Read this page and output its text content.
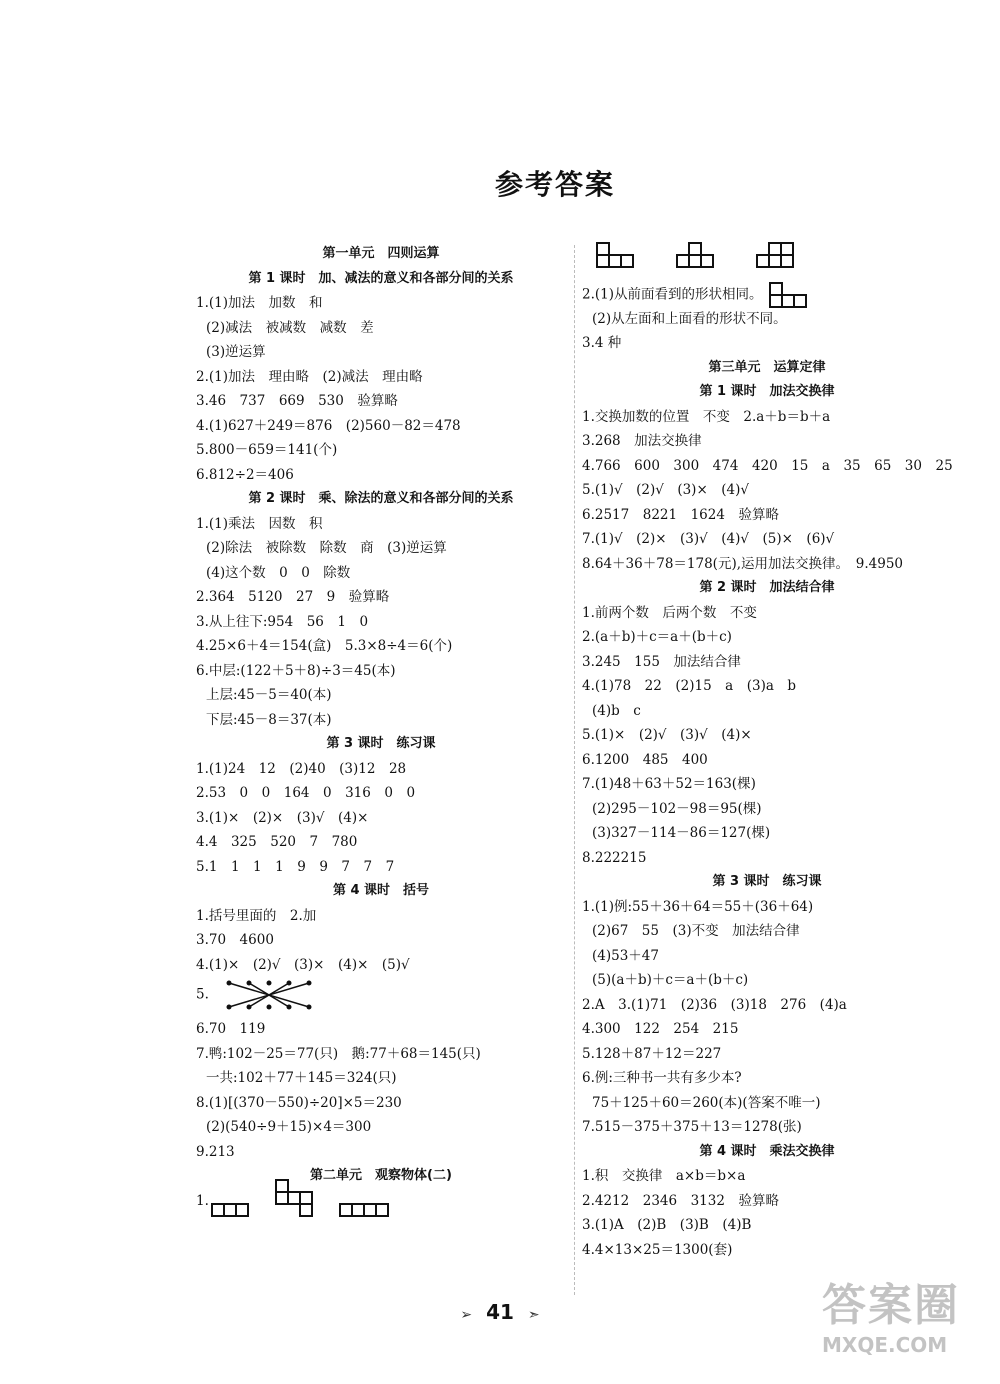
参考答案
第一单元　四则运算
第 1 课时　加、减法的意义和各部分间的关系
1.(1)加法　加数　和
(2)减法　被减数　减数　差
(3)逆运算
2.(1)加法　理由略　(2)减法　理由略
3.46　737　669　530　验算略
4.(1)627＋249＝876　(2)560－82＝478
5.800－659＝141(个)
6.812÷2＝406
第 2 课时　乘、除法的意义和各部分间的关系
1.(1)乘法　因数　积
(2)除法　被除数　除数　商　(3)逆运算
(4)这个数　0　0　除数
2.364　5120　27　9　验算略
3.从上往下:954　56　1　0
4.25×6＋4＝154(盒)　5.3×8÷4＝6(个)
6.中层:(122＋5＋8)÷3＝45(本)
上层:45－5＝40(本)
下层:45－8＝37(本)
第 3 课时　练习课
1.(1)24　12　(2)40　(3)12　28
2.53　0　0　164　0　316　0　0
3.(1)×　(2)×　(3)√　(4)×
4.4　325　520　7　780
5.1　1　1　1　9　9　7　7　7
第 4 课时　括号
1.括号里面的　2.加
3.70　4600
4.(1)×　(2)√　(3)×　(4)×　(5)√
5.
6.70　119
7.鸭:102－25＝77(只)　鹅:77＋68＝145(只)
一共:102＋77＋145＝324(只)
8.(1)[(370－550)÷20]×5＝230
(2)(540÷9＋15)×4＝300
9.213
第二单元　观察物体(二)
1.
2.(1)从前面看到的形状相同。
(2)从左面和上面看的形状不同。
3.4 种
第三单元　运算定律
第 1 课时　加法交换律
1.交换加数的位置　不变　2.a＋b＝b＋a
3.268　加法交换律
4.766　600　300　474　420　15　a　35　65　30　25
5.(1)√　(2)√　(3)×　(4)√
6.2517　8221　1624　验算略
7.(1)√　(2)×　(3)√　(4)√　(5)×　(6)√
8.64＋36＋78＝178(元),运用加法交换律。　9.4950
第 2 课时　加法结合律
1.前两个数　后两个数　不变
2.(a＋b)＋c＝a＋(b＋c)
3.245　155　加法结合律
4.(1)78　22　(2)15　a　(3)a　b
(4)b　c
5.(1)×　(2)√　(3)√　(4)×
6.1200　485　400
7.(1)48＋63＋52＝163(棵)
(2)295－102－98＝95(棵)
(3)327－114－86＝127(棵)
8.222215
第 3 课时　练习课
1.(1)例:55＋36＋64＝55＋(36＋64)
(2)67　55　(3)不变　加法结合律
(4)53＋47
(5)(a＋b)＋c＝a＋(b＋c)
2.A　3.(1)71　(2)36　(3)18　276　(4)a
4.300　122　254　215
5.128＋87＋12＝227
6.例:三种书一共有多少本?
75＋125＋60＝260(本)(答案不唯一)
7.515－375＋375＋13＝1278(张)
第 4 课时　乘法交换律
1.积　交换律　a×b＝b×a
2.4212　2346　3132　验算略
3.(1)A　(2)B　(3)B　(4)B
4.4×13×25＝1300(套)
➢ 41 ➣	答案圈
MXQE.COM
